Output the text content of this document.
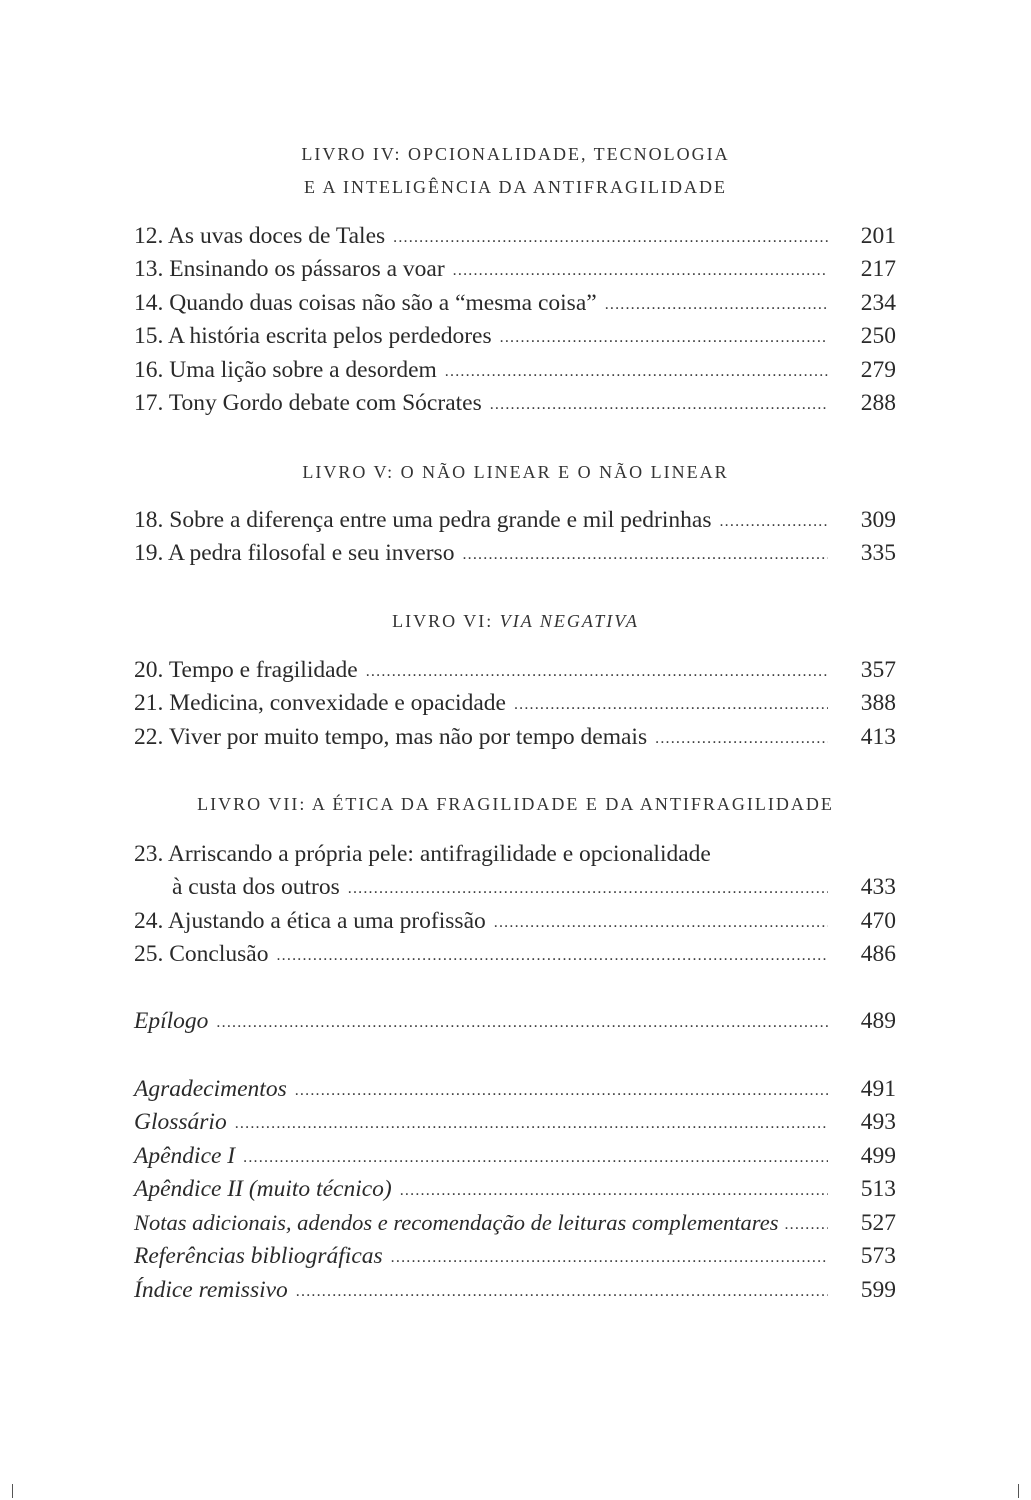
LIVRO IV: OPCIONALIDADE, TECNOLOGIA
E A INTELIGÊNCIA DA ANTIFRAGILIDADE
12. As uvas doces de Tales .....	201
13. Ensinando os pássaros a voar .....	217
14. Quando duas coisas não são a “mesma coisa” .....	234
15. A história escrita pelos perdedores .....	250
16. Uma lição sobre a desordem .....	279
17. Tony Gordo debate com Sócrates .....	288
LIVRO V: O NÃO LINEAR E O NÃO LINEAR
18. Sobre a diferença entre uma pedra grande e mil pedrinhas .....	309
19. A pedra filosofal e seu inverso .....	335
LIVRO VI: VIA NEGATIVA
20. Tempo e fragilidade .....	357
21. Medicina, convexidade e opacidade .....	388
22. Viver por muito tempo, mas não por tempo demais .....	413
LIVRO VII: A ÉTICA DA FRAGILIDADE E DA ANTIFRAGILIDADE
23. Arriscando a própria pele: antifragilidade e opcionalidade
à custa dos outros .....	433
24. Ajustando a ética a uma profissão .....	470
25. Conclusão .....	486
Epílogo .....	489
Agradecimentos .....	491
Glossário .....	493
Apêndice I .....	499
Apêndice II (muito técnico) .....	513
Notas adicionais, adendos e recomendação de leituras complementares .....	527
Referências bibliográficas .....	573
Índice remissivo .....	599
